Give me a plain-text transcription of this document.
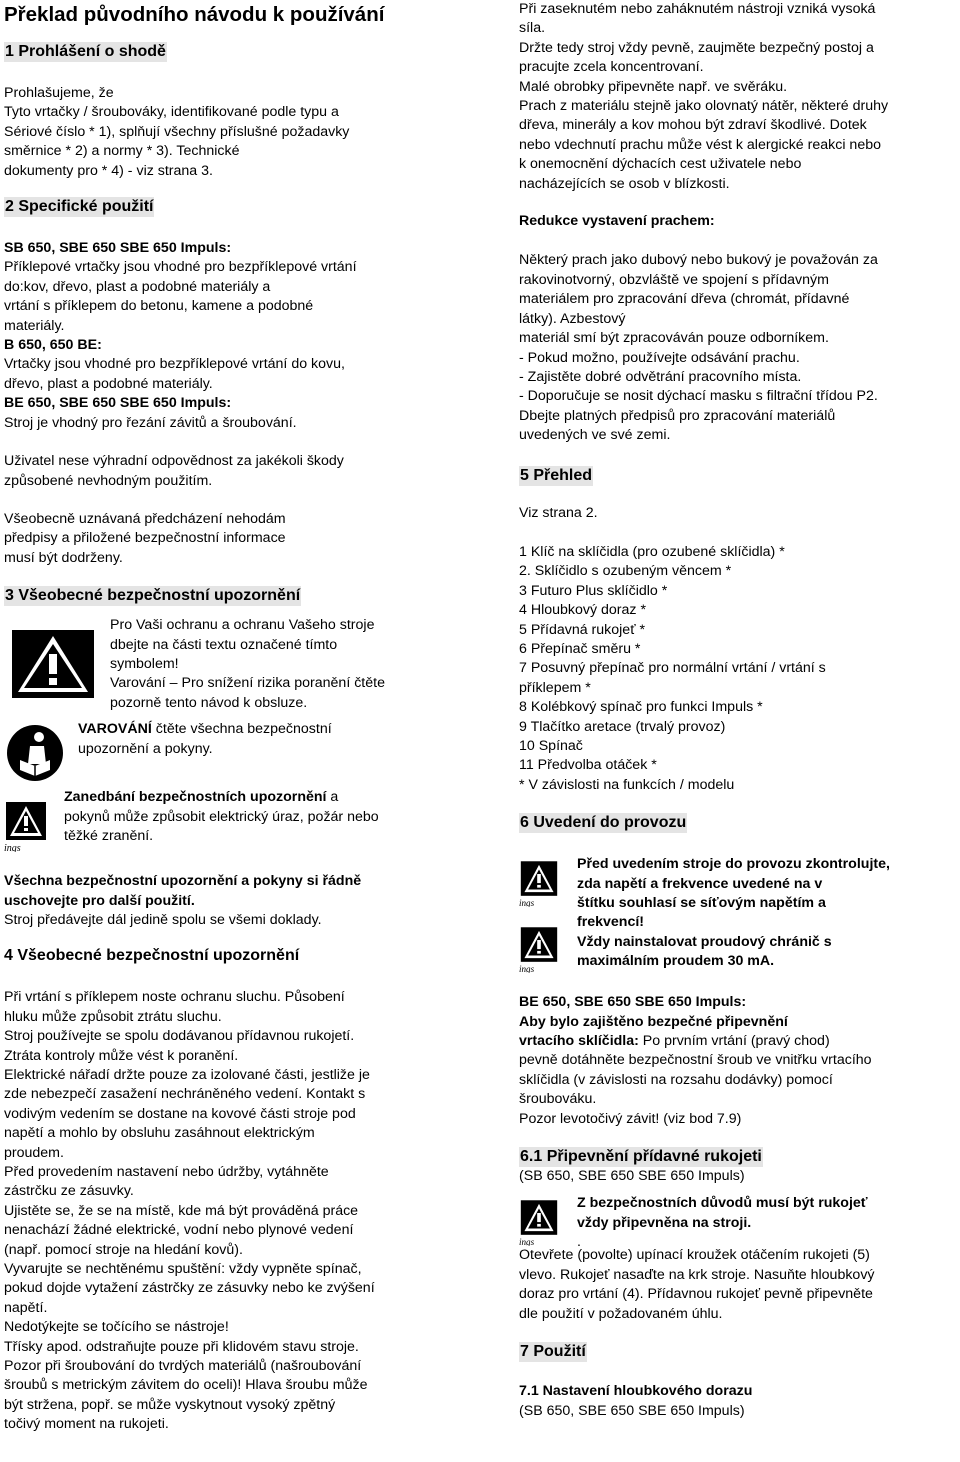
Překlad původního návodu k používání

1 Prohlášení o shodě

Prohlašujeme, že

Tyto vrtačky / šroubováky, identifikované podle typu a

Sériové číslo * 1), splňují všechny příslušné požadavky

směrnice * 2) a normy * 3). Technické

dokumenty pro * 4) - viz strana 3.

2 Specifické použití

SB 650, SBE 650 SBE 650 Impuls:

Příklepové vrtačky jsou vhodné pro bezpříklepové vrtání

do:kov, dřevo, plast a podobné materiály a

vrtání s příklepem do betonu, kamene a podobné

materiály.

B 650, 650 BE:

Vrtačky jsou vhodné pro bezpříklepové vrtání do kovu,

dřevo, plast a podobné materiály.

BE 650, SBE 650 SBE 650 Impuls:

Stroj je vhodný pro řezání závitů a šroubování.

Uživatel nese výhradní odpovědnost za jakékoli škody

způsobené nevhodným použitím.

Všeobecně uznávaná předcházení nehodám

předpisy a přiložené bezpečnostní informace

musí být dodrženy.

3 Všeobecné bezpečnostní upozornění

Pro Vaši ochranu a ochranu Vašeho stroje

dbejte na části textu označené tímto

symbolem!

Varování – Pro snížení rizika poranění čtěte

pozorně tento návod k obsluze.

VAROVÁNÍ čtěte všechna bezpečnostní

upozornění a pokyny.

ings

Zanedbání bezpečnostních upozornění a

pokynů může způsobit elektrický úraz, požár nebo

těžké zranění.

Všechna bezpečnostní upozornění a pokyny si řádně

uschovejte pro další použití.

Stroj předávejte dál jedině spolu se všemi doklady.

4 Všeobecné bezpečnostní upozornění

Při vrtání s příklepem noste ochranu sluchu. Působení

hluku může způsobit ztrátu sluchu.

Stroj používejte se spolu dodávanou přídavnou rukojetí.

Ztráta kontroly může vést k poranění.

Elektrické nářadí držte pouze za izolované části, jestliže je

zde nebezpečí zasažení nechráněného vedení. Kontakt s

vodivým vedením se dostane na kovové části stroje pod

napětí a mohlo by obsluhu zasáhnout elektrickým

proudem.

Před provedením nastavení nebo údržby, vytáhněte

zástrčku ze zásuvky.

Ujistěte se, že se na místě, kde má být prováděná práce

nenachází žádné elektrické, vodní nebo plynové vedení

(např. pomocí stroje na hledání kovů).

Vyvarujte se nechtěnému spuštění: vždy vypněte spínač,

pokud dojde vytažení zástrčky ze zásuvky nebo ke zvýšení

napětí.

Nedotýkejte se točícího se nástroje!

Třísky apod. odstraňujte pouze při klidovém stavu stroje.

Pozor při šroubování do tvrdých materiálů (našroubování

šroubů s metrickým závitem do oceli)! Hlava šroubu může

být stržena, popř. se může vyskytnout vysoký zpětný

točivý moment na rukojeti.

Při zaseknutém nebo zaháknutém nástroji vzniká vysoká

síla.

Držte tedy stroj vždy pevně, zaujměte bezpečný postoj a

pracujte zcela koncentrovaní.

Malé obrobky připevněte např. ve svěráku.

Prach z materiálu stejně jako olovnatý nátěr, některé druhy

dřeva, minerály a kov mohou být zdraví škodlivé. Dotek

nebo vdechnutí prachu může vést k alergické reakci nebo

k onemocnění dýchacích cest uživatele nebo

nacházejících se osob v blízkosti.

Redukce vystavení prachem:

Některý prach jako dubový nebo bukový je považován za

rakovinotvorný, obzvláště ve spojení s přídavným

materiálem pro zpracování dřeva (chromát, přídavné

látky). Azbestový

materiál smí být zpracováván pouze odborníkem.

- Pokud možno, používejte odsávání prachu.

- Zajistěte dobré odvětrání pracovního místa.

- Doporučuje se nosit dýchací masku s filtrační třídou P2.

Dbejte platných předpisů pro zpracování materiálů

uvedených ve své zemi.

5 Přehled

Viz strana 2.

1 Klíč na sklíčidla (pro ozubené sklíčidla) *

2. Sklíčidlo s ozubeným věncem *

3 Futuro Plus sklíčidlo *

4 Hloubkový doraz *

5 Přídavná rukojeť *

6 Přepínač směru *

7 Posuvný přepínač pro normální vrtání / vrtání s

příklepem *

8 Kolébkový spínač pro funkci Impuls *

9 Tlačítko aretace (trvalý provoz)

10 Spínač

11 Předvolba otáček *

* V závislosti na funkcích / modelu

6 Uvedení do provozu
ings
ings

Před uvedením stroje do provozu zkontrolujte,

zda napětí a frekvence uvedené na v

štítku souhlasí se síťovým napětím a

frekvencí!

Vždy nainstalovat proudový chránič s

maximálním proudem 30 mA.

BE 650, SBE 650 SBE 650 Impuls:

Aby bylo zajištěno bezpečné připevnění

vrtacího sklíčidla: Po prvním vrtání (pravý chod)

pevně dotáhněte bezpečnostní šroub ve vnitřku vrtacího

sklíčidla (v závislosti na rozsahu dodávky) pomocí

šroubováku.

Pozor levotočivý závit! (viz bod 7.9)

6.1 Připevnění přídavné rukojeti

(SB 650, SBE 650 SBE 650 Impuls)

ings

Z bezpečnostních důvodů musí být rukojeť

vždy připevněna na stroji.

.

Otevřete (povolte) upínací kroužek otáčením rukojeti (5)

vlevo. Rukojeť nasaďte na krk stroje. Nasuňte hloubkový

doraz pro vrtání (4). Přídavnou rukojeť pevně připevněte

dle použití v požadovaném úhlu.

7 Použití

7.1 Nastavení hloubkového dorazu

(SB 650, SBE 650 SBE 650 Impuls)
